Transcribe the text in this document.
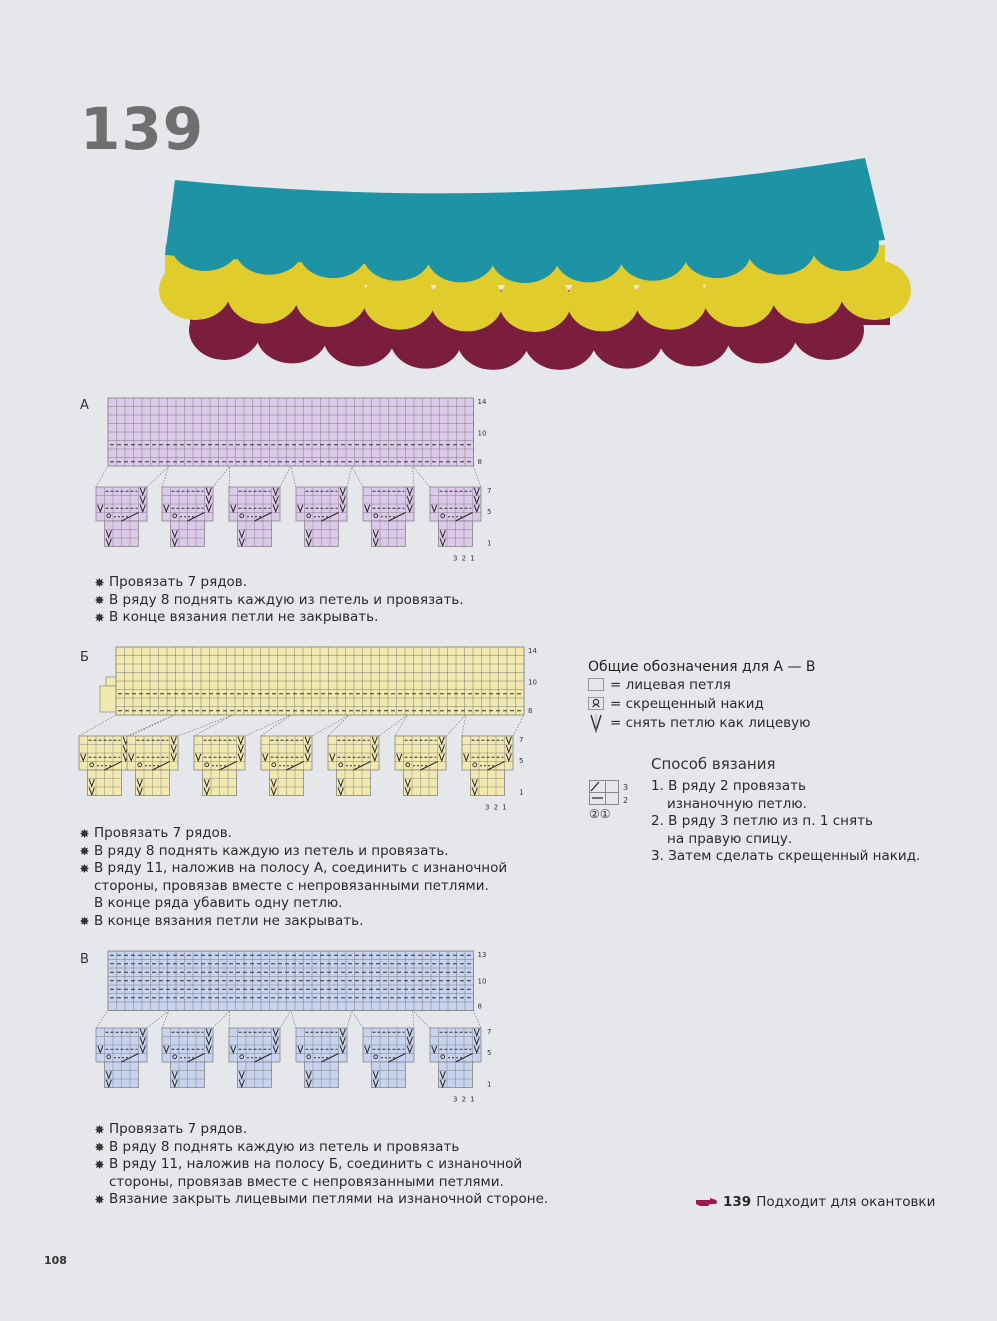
139
А	14
10
8
7
5
1
3 2 1
Провязать 7 рядов.
В ряду 8 поднять каждую из петель и провязать.
В конце вязания петли не закрывать.
Б	14
10
8
7
5
1
3 2 1
Провязать 7 рядов.
В ряду 8 поднять каждую из петель и провязать.
В ряду 11, наложив на полосу А, соединить с изнаночной
стороны, провязав вместе с непровязанными петлями.
В конце ряда убавить одну петлю.
В конце вязания петли не закрывать.
В	13
10
8
7
5
1
3 2 1
Провязать 7 рядов.
В ряду 8 поднять каждую из петель и провязать
В ряду 11, наложив на полосу Б, соединить с изнаночной
стороны, провязав вместе с непровязанными петлями.
Вязание закрыть лицевыми петлями на изнаночной стороне.
Общие обозначения для А — В
= лицевая петля
= скрещенный накид
= снять петлю как лицевую
Способ вязания
3
2
②①
1. В ряду 2 провязать
изнаночную петлю.
2. В ряду 3 петлю из п. 1 снять
на правую спицу.
3. Затем сделать скрещенный накид.
139 Подходит для окантовки
108
